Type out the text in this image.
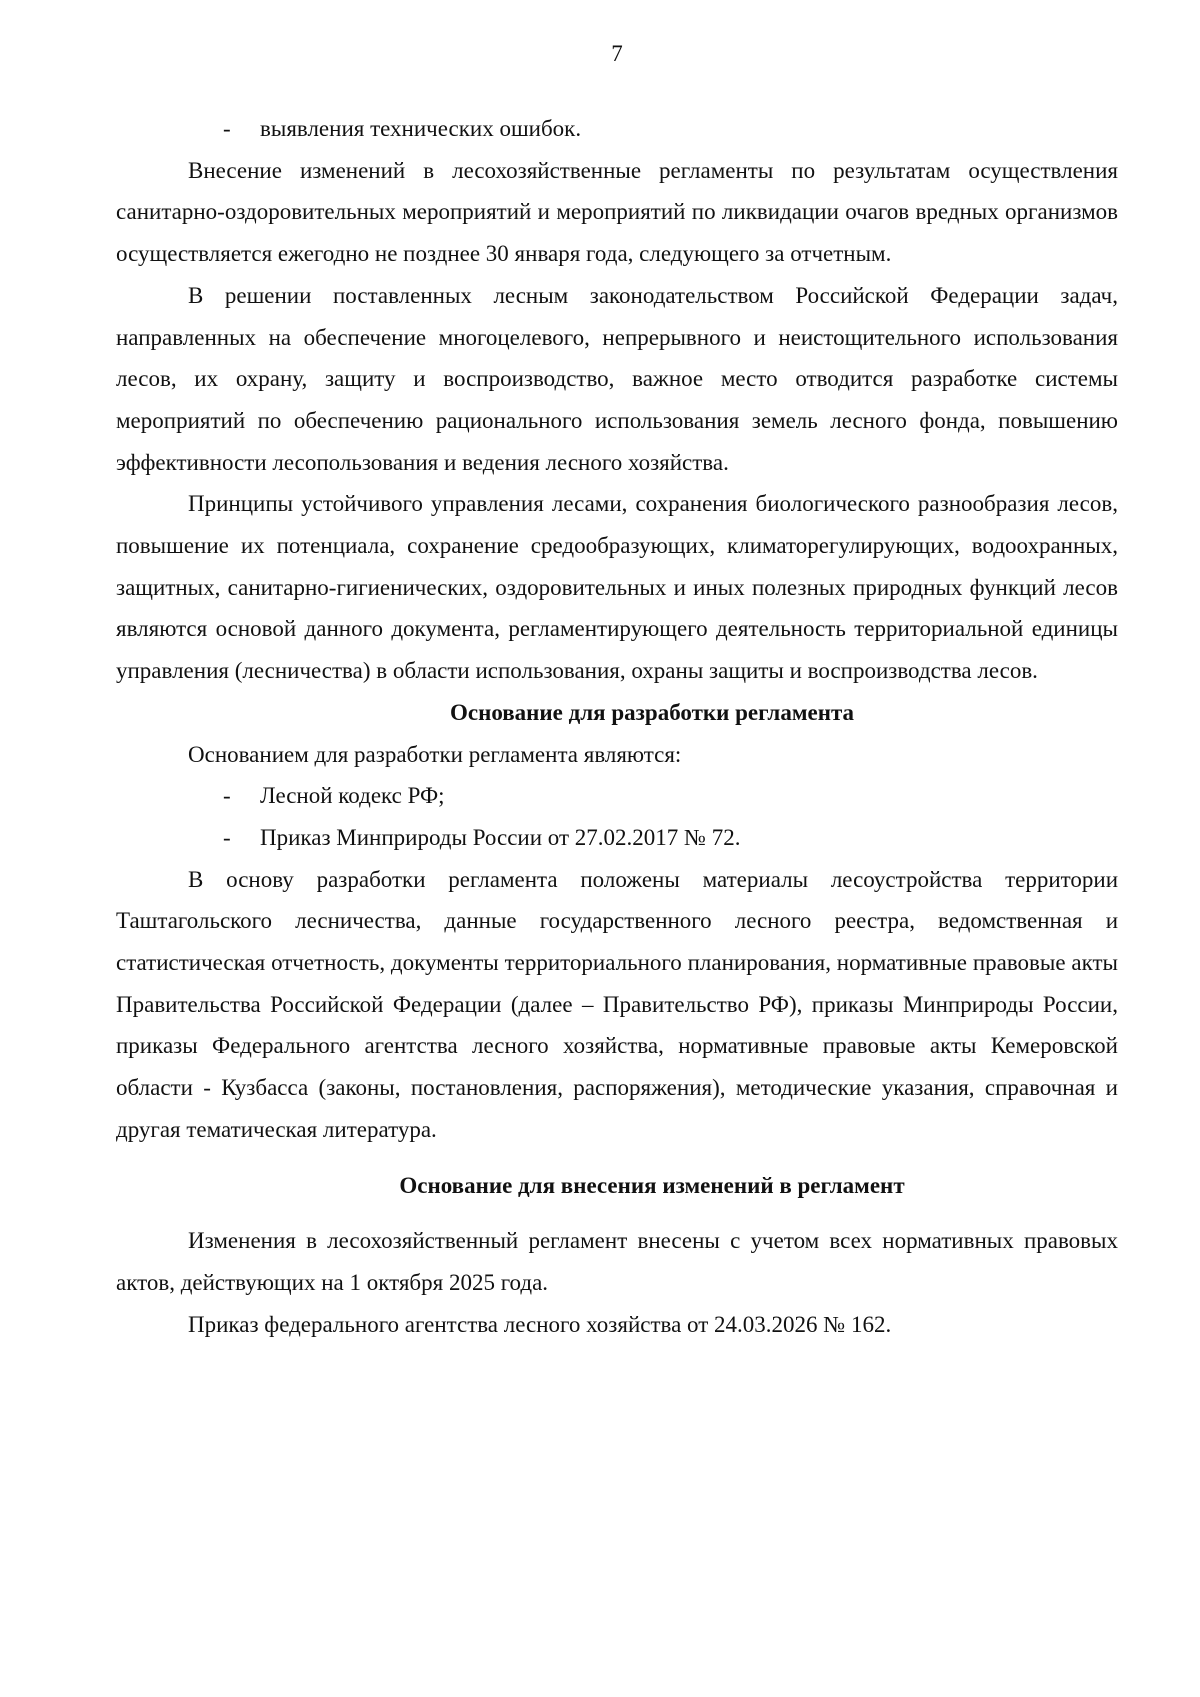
7

- выявления технических ошибок.

Внесение изменений в лесохозяйственные регламенты по результатам осуществления санитарно-оздоровительных мероприятий и мероприятий по ликвидации очагов вредных организмов осуществляется ежегодно не позднее 30 января года, следующего за отчетным.

В решении поставленных лесным законодательством Российской Федерации задач, направленных на обеспечение многоцелевого, непрерывного и неистощительного использования лесов, их охрану, защиту и воспроизводство, важное место отводится разработке системы мероприятий по обеспечению рационального использования земель лесного фонда, повышению эффективности лесопользования и ведения лесного хозяйства.

Принципы устойчивого управления лесами, сохранения биологического разнообразия лесов, повышение их потенциала, сохранение средообразующих, климаторегулирующих, водоохранных, защитных, санитарно-гигиенических, оздоровительных и иных полезных природных функций лесов являются основой данного документа, регламентирующего деятельность территориальной единицы управления (лесничества) в области использования, охраны защиты и воспроизводства лесов.

Основание для разработки регламента

Основанием для разработки регламента являются:

- Лесной кодекс РФ;

- Приказ Минприроды России от 27.02.2017 № 72.

В основу разработки регламента положены материалы лесоустройства территории Таштагольского лесничества, данные государственного лесного реестра, ведомственная и статистическая отчетность, документы территориального планирования, нормативные правовые акты Правительства Российской Федерации (далее – Правительство РФ), приказы Минприроды России, приказы Федерального агентства лесного хозяйства, нормативные правовые акты Кемеровской области - Кузбасса (законы, постановления, распоряжения), методические указания, справочная и другая тематическая литература.

Основание для внесения изменений в регламент

Изменения в лесохозяйственный регламент внесены с учетом всех нормативных правовых актов, действующих на 1 октября 2025 года.

Приказ федерального агентства лесного хозяйства от 24.03.2026 № 162.
